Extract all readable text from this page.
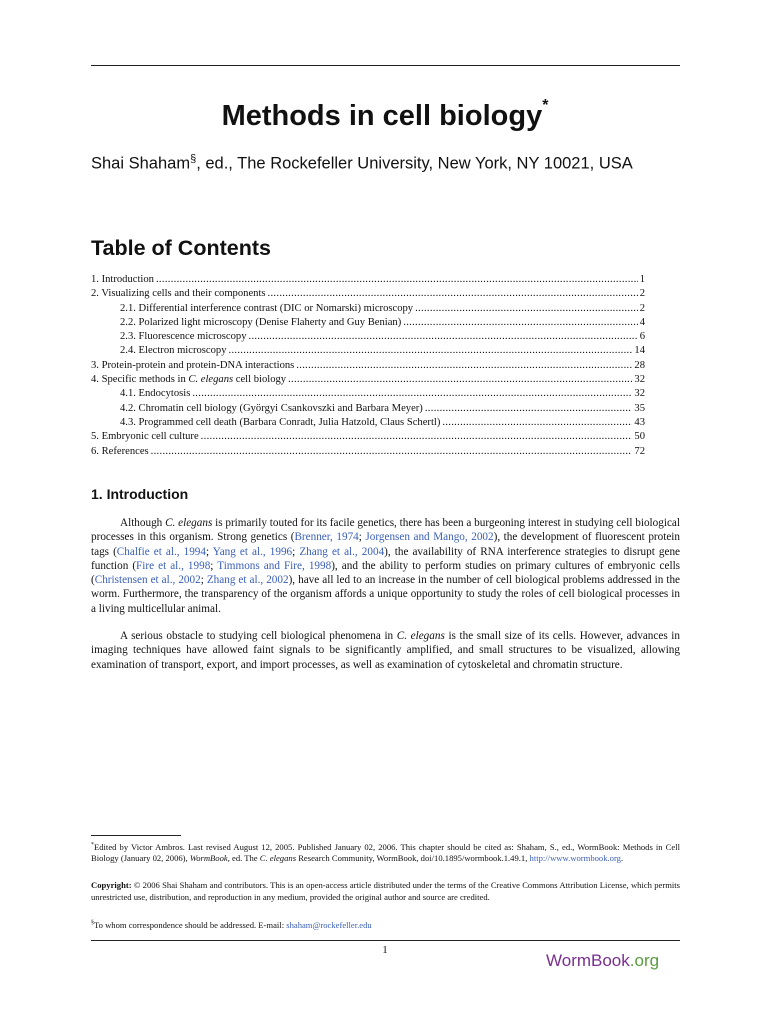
Methods in cell biology*
Shai Shaham§, ed., The Rockefeller University, New York, NY 10021, USA
Table of Contents
1. Introduction .....	1
2. Visualizing cells and their components .....	2
2.1. Differential interference contrast (DIC or Nomarski) microscopy .....	2
2.2. Polarized light microscopy (Denise Flaherty and Guy Benian) .....	4
2.3. Fluorescence microscopy .....	6
2.4. Electron microscopy .....	14
3. Protein-protein and protein-DNA interactions .....	28
4. Specific methods in C. elegans cell biology .....	32
4.1. Endocytosis .....	32
4.2. Chromatin cell biology (Györgyi Csankovszki and Barbara Meyer) .....	35
4.3. Programmed cell death (Barbara Conradt, Julia Hatzold, Claus Schertl) .....	43
5. Embryonic cell culture .....	50
6. References .....	72
1. Introduction

Although C. elegans is primarily touted for its facile genetics, there has been a burgeoning interest in studying cell biological processes in this organism. Strong genetics (Brenner, 1974; Jorgensen and Mango, 2002), the development of fluorescent protein tags (Chalfie et al., 1994; Yang et al., 1996; Zhang et al., 2004), the availability of RNA interference strategies to disrupt gene function (Fire et al., 1998; Timmons and Fire, 1998), and the ability to perform studies on primary cultures of embryonic cells (Christensen et al., 2002; Zhang et al., 2002), have all led to an increase in the number of cell biological problems addressed in the worm. Furthermore, the transparency of the organism affords a unique opportunity to study the roles of cell biological processes in a living multicellular animal.

A serious obstacle to studying cell biological phenomena in C. elegans is the small size of its cells. However, advances in imaging techniques have allowed faint signals to be significantly amplified, and small structures to be visualized, allowing examination of transport, export, and import processes, as well as examination of cytoskeletal and chromatin structure.

*Edited by Victor Ambros. Last revised August 12, 2005. Published January 02, 2006. This chapter should be cited as: Shaham, S., ed., WormBook: Methods in Cell Biology (January 02, 2006), WormBook, ed. The C. elegans Research Community, WormBook, doi/10.1895/wormbook.1.49.1, http://www.wormbook.org.
Copyright: © 2006 Shai Shaham and contributors. This is an open-access article distributed under the terms of the Creative Commons Attribution License, which permits unrestricted use, distribution, and reproduction in any medium, provided the original author and source are credited.
§To whom correspondence should be addressed. E-mail: shaham@rockefeller.edu
1
WormBook.org
